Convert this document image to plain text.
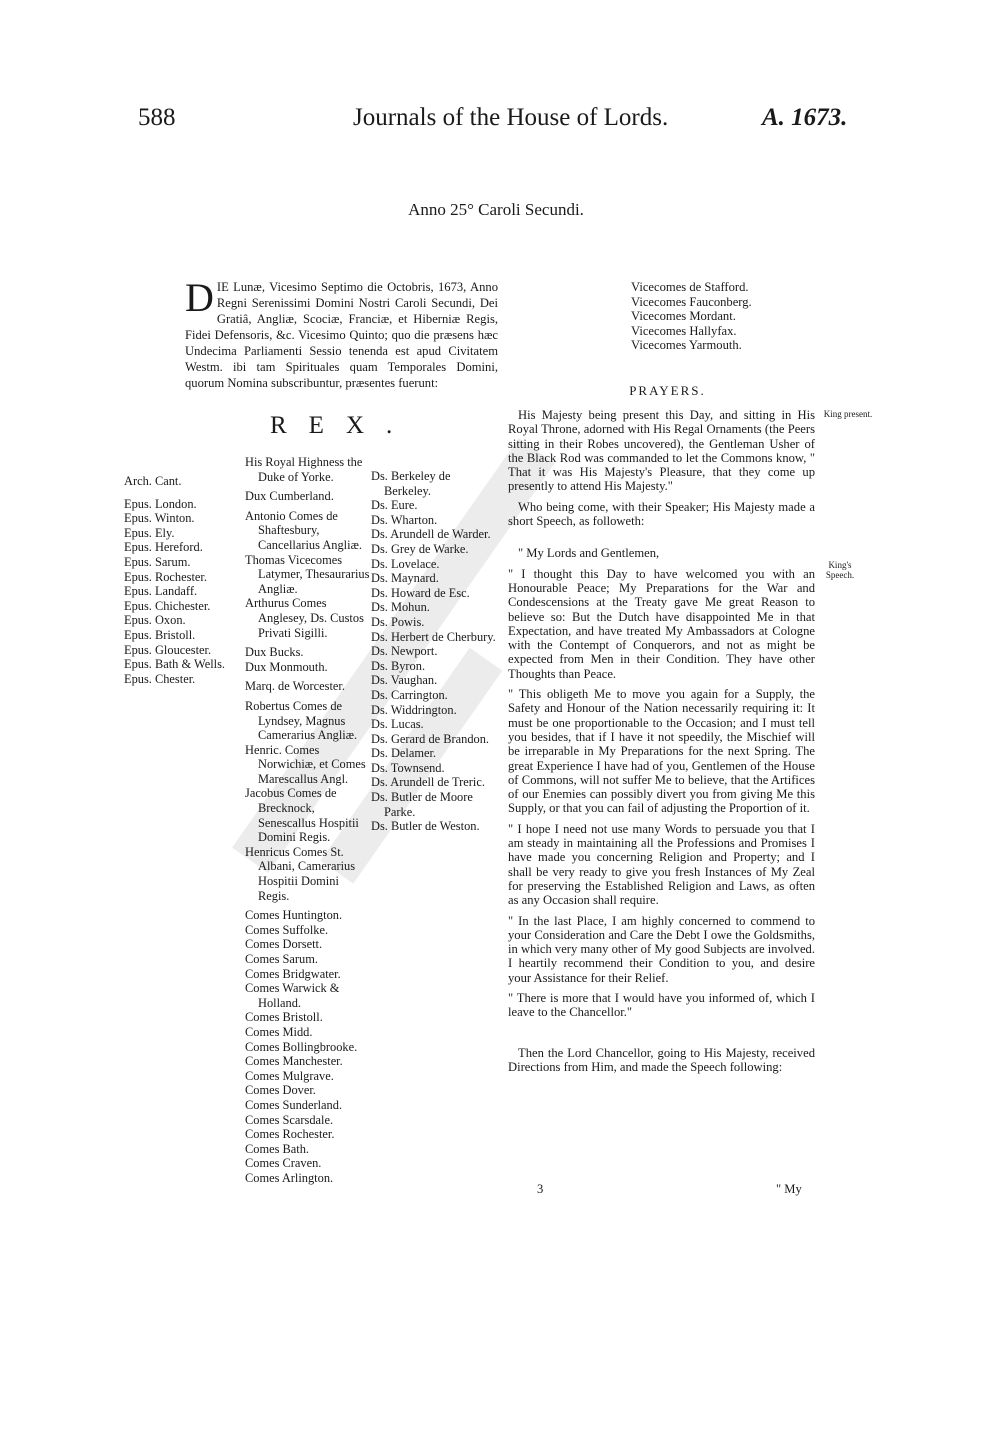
588	Journals of the House of Lords.	A. 1673.
Anno 25° Caroli Secundi.
DIE Lunæ, Vicesimo Septimo die Octobris, 1673, Anno Regni Serenissimi Domini Nostri Caroli Secundi, Dei Gratiâ, Angliæ, Scociæ, Franciæ, et Hiberniæ Regis, Fidei Defensoris, &c. Vicesimo Quinto; quo die præsens hæc Undecima Parliamenti Sessio tenenda est apud Civitatem Westm. ibi tam Spirituales quam Temporales Domini, quorum Nomina subscribuntur, præsentes fuerunt:
REX.
Arch. Cant.
Epus. London.
Epus. Winton.
Epus. Ely.
Epus. Hereford.
Epus. Sarum.
Epus. Rochester.
Epus. Landaff.
Epus. Chichester.
Epus. Oxon.
Epus. Bristoll.
Epus. Gloucester.
Epus. Bath & Wells.
Epus. Chester.
His Royal Highness the Duke of Yorke.
Dux Cumberland.
Antonio Comes de Shaftesbury, Cancellarius Angliæ.
Thomas Vicecomes Latymer, Thesaurarius Angliæ.
Arthurus Comes Anglesey, Ds. Custos Privati Sigilli.
Dux Bucks.
Dux Monmouth.
Marq. de Worcester.
Robertus Comes de Lyndsey, Magnus Camerarius Angliæ.
Henric. Comes Norwichiæ, et Comes Marescallus Angl.
Jacobus Comes de Brecknock, Senescallus Hospitii Domini Regis.
Henricus Comes St. Albani, Camerarius Hospitii Domini Regis.
Comes Huntington.
Comes Suffolke.
Comes Dorsett.
Comes Sarum.
Comes Bridgwater.
Comes Warwick & Holland.
Comes Bristoll.
Comes Midd.
Comes Bollingbrooke.
Comes Manchester.
Comes Mulgrave.
Comes Dover.
Comes Sunderland.
Comes Scarsdale.
Comes Rochester.
Comes Bath.
Comes Craven.
Comes Arlington.
Ds. Berkeley de Berkeley.
Ds. Eure.
Ds. Wharton.
Ds. Arundell de Warder.
Ds. Grey de Warke.
Ds. Lovelace.
Ds. Maynard.
Ds. Howard de Esc.
Ds. Mohun.
Ds. Powis.
Ds. Herbert de Cherbury.
Ds. Newport.
Ds. Byron.
Ds. Vaughan.
Ds. Carrington.
Ds. Widdrington.
Ds. Lucas.
Ds. Gerard de Brandon.
Ds. Delamer.
Ds. Townsend.
Ds. Arundell de Treric.
Ds. Butler de Moore Parke.
Ds. Butler de Weston.
Vicecomes de Stafford.
Vicecomes Fauconberg.
Vicecomes Mordant.
Vicecomes Hallyfax.
Vicecomes Yarmouth.
PRAYERS.
King present.
King's Speech.

His Majesty being present this Day, and sitting in His Royal Throne, adorned with His Regal Ornaments (the Peers sitting in their Robes uncovered), the Gentleman Usher of the Black Rod was commanded to let the Commons know, " That it was His Majesty's Pleasure, that they come up presently to attend His Majesty."

Who being come, with their Speaker; His Majesty made a short Speech, as followeth:

" My Lords and Gentlemen,

" I thought this Day to have welcomed you with an Honourable Peace; My Preparations for the War and Condescensions at the Treaty gave Me great Reason to believe so: But the Dutch have disappointed Me in that Expectation, and have treated My Ambassadors at Cologne with the Contempt of Conquerors, and not as might be expected from Men in their Condition. They have other Thoughts than Peace.

" This obligeth Me to move you again for a Supply, the Safety and Honour of the Nation necessarily requiring it: It must be one proportionable to the Occasion; and I must tell you besides, that if I have it not speedily, the Mischief will be irreparable in My Preparations for the next Spring. The great Experience I have had of you, Gentlemen of the House of Commons, will not suffer Me to believe, that the Artifices of our Enemies can possibly divert you from giving Me this Supply, or that you can fail of adjusting the Proportion of it.

" I hope I need not use many Words to persuade you that I am steady in maintaining all the Professions and Promises I have made you concerning Religion and Property; and I shall be very ready to give you fresh Instances of My Zeal for preserving the Established Religion and Laws, as often as any Occasion shall require.

" In the last Place, I am highly concerned to commend to your Consideration and Care the Debt I owe the Goldsmiths, in which very many other of My good Subjects are involved. I heartily recommend their Condition to you, and desire your Assistance for their Relief.

" There is more that I would have you informed of, which I leave to the Chancellor."

Then the Lord Chancellor, going to His Majesty, received Directions from Him, and made the Speech following:

3	" My
